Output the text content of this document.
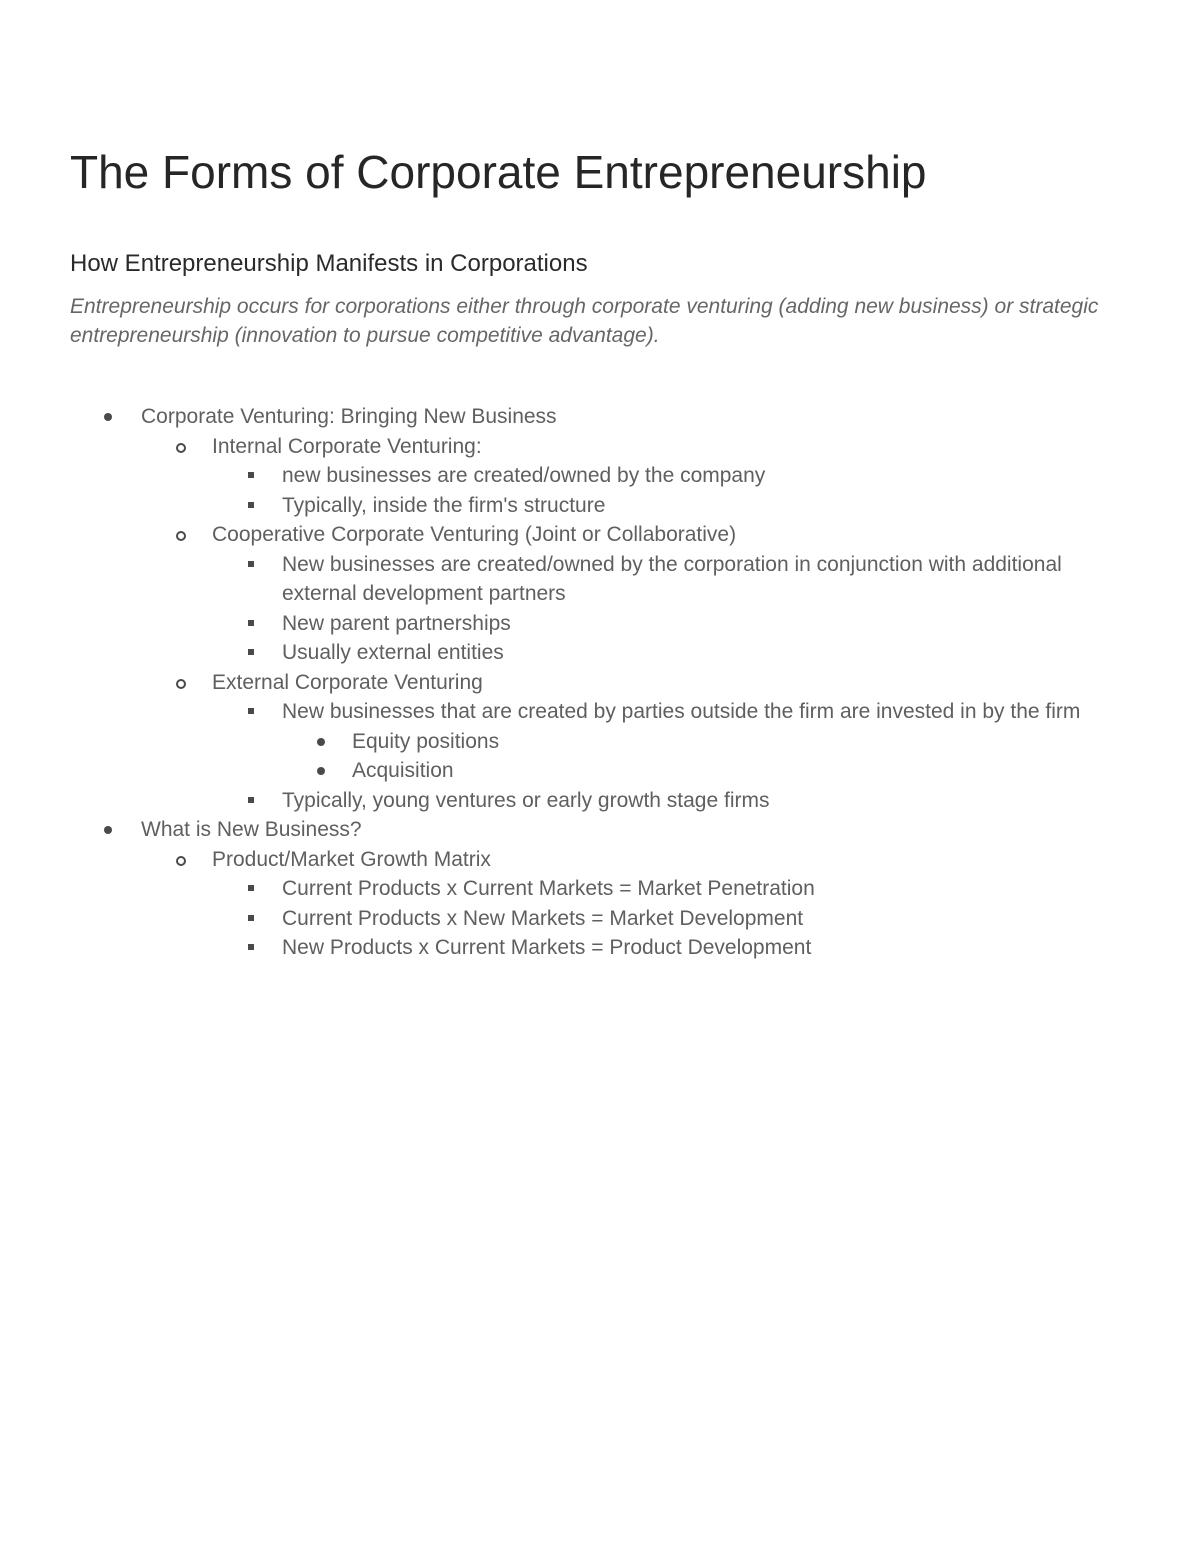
The Forms of Corporate Entrepreneurship
How Entrepreneurship Manifests in Corporations

Entrepreneurship occurs for corporations either through corporate venturing (adding new business) or strategic entrepreneurship (innovation to pursue competitive advantage).

Corporate Venturing: Bringing New Business
Internal Corporate Venturing:
new businesses are created/owned by the company
Typically, inside the firm's structure
Cooperative Corporate Venturing (Joint or Collaborative)
New businesses are created/owned by the corporation in conjunction with additional external development partners
New parent partnerships
Usually external entities
External Corporate Venturing
New businesses that are created by parties outside the firm are invested in by the firm
Equity positions
Acquisition
Typically, young ventures or early growth stage firms
What is New Business?
Product/Market Growth Matrix
Current Products x Current Markets = Market Penetration
Current Products x New Markets = Market Development
New Products x Current Markets = Product Development
